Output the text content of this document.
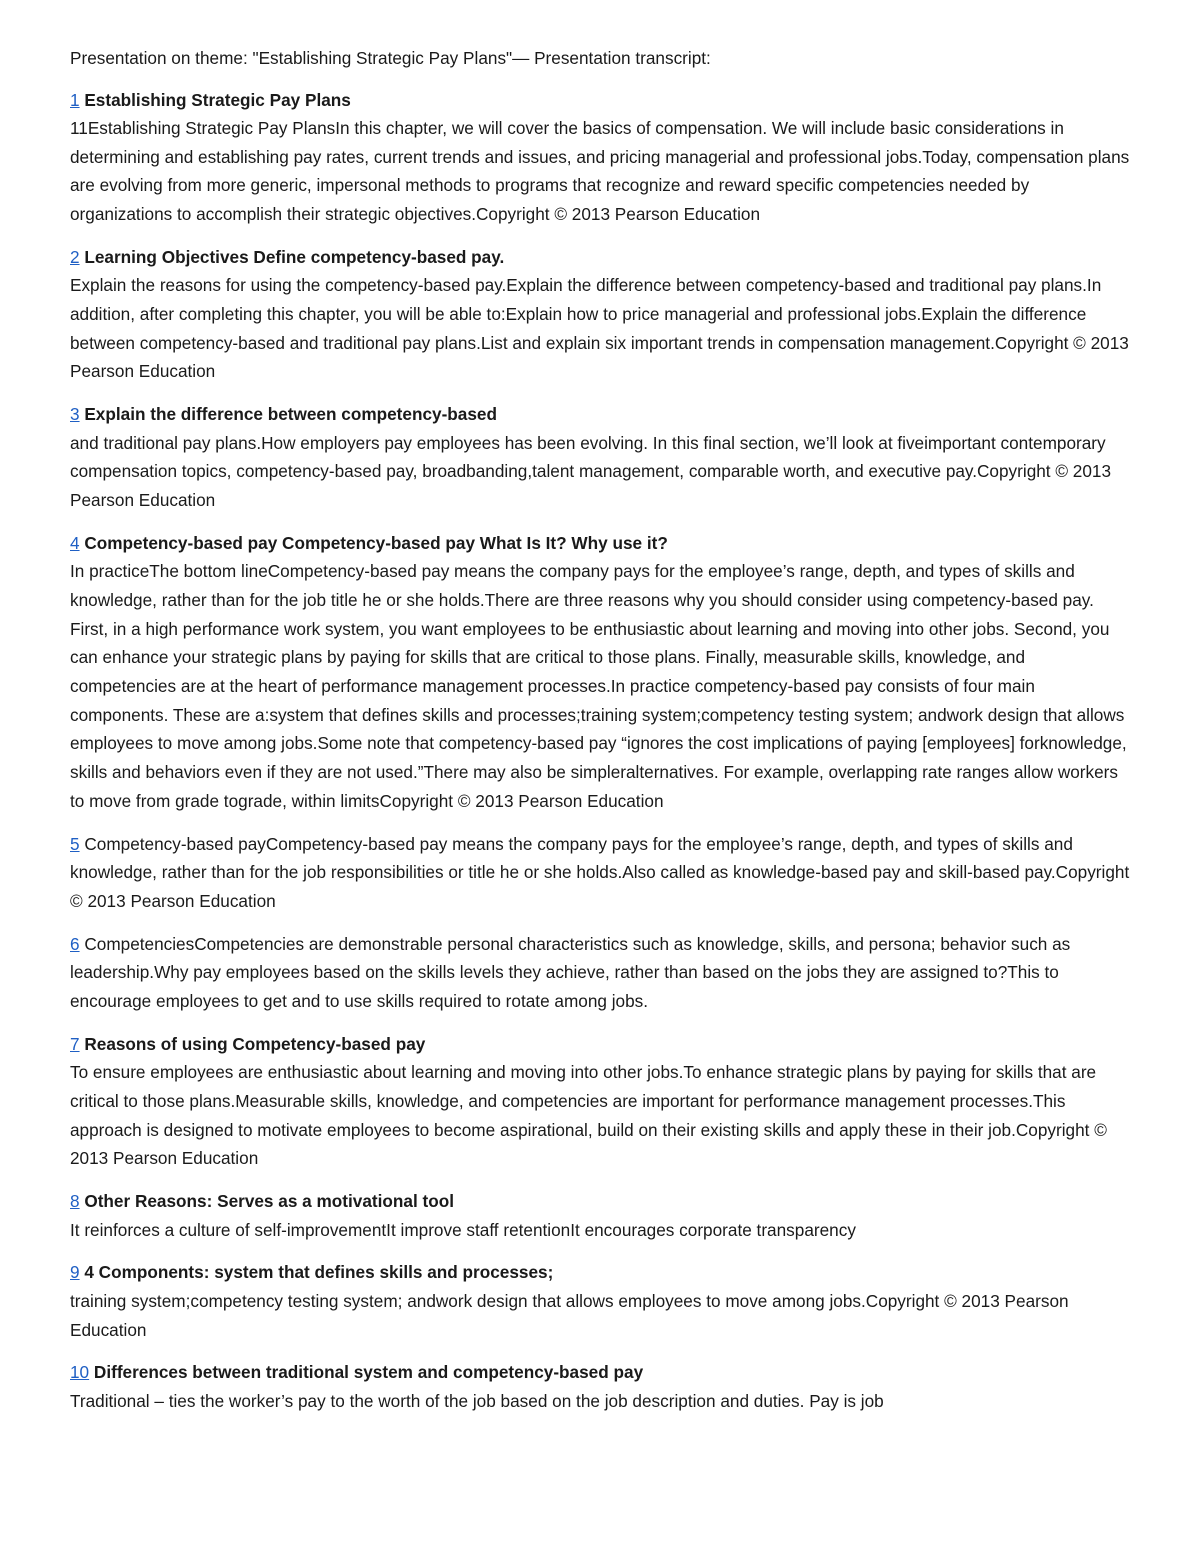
Presentation on theme: "Establishing Strategic Pay Plans"— Presentation transcript:

1 Establishing Strategic Pay Plans

11Establishing Strategic Pay PlansIn this chapter, we will cover the basics of compensation. We will include basic considerations in determining and establishing pay rates, current trends and issues, and pricing managerial and professional jobs.Today, compensation plans are evolving from more generic, impersonal methods to programs that recognize and reward specific competencies needed by organizations to accomplish their strategic objectives.Copyright © 2013 Pearson Education

2 Learning Objectives Define competency-based pay.

Explain the reasons for using the competency-based pay.Explain the difference between competency-based and traditional pay plans.In addition, after completing this chapter, you will be able to:Explain how to price managerial and professional jobs.Explain the difference between competency-based and traditional pay plans.List and explain six important trends in compensation management.Copyright © 2013 Pearson Education

3 Explain the difference between competency-based

and traditional pay plans.How employers pay employees has been evolving. In this final section, we’ll look at fiveimportant contemporary compensation topics, competency-based pay, broadbanding,talent management, comparable worth, and executive pay.Copyright © 2013 Pearson Education

4 Competency-based pay Competency-based pay What Is It? Why use it?

In practiceThe bottom lineCompetency-based pay means the company pays for the employee’s range, depth, and types of skills and knowledge, rather than for the job title he or she holds.There are three reasons why you should consider using competency-based pay. First, in a high performance work system, you want employees to be enthusiastic about learning and moving into other jobs. Second, you can enhance your strategic plans by paying for skills that are critical to those plans. Finally, measurable skills, knowledge, and competencies are at the heart of performance management processes.In practice competency-based pay consists of four main components. These are a:system that defines skills and processes;training system;competency testing system; andwork design that allows employees to move among jobs.Some note that competency-based pay “ignores the cost implications of paying [employees] forknowledge, skills and behaviors even if they are not used.”There may also be simpleralternatives. For example, overlapping rate ranges allow workers to move from grade tograde, within limitsCopyright © 2013 Pearson Education

5 Competency-based payCompetency-based pay means the company pays for the employee’s range, depth, and types of skills and knowledge, rather than for the job responsibilities or title he or she holds.Also called as knowledge-based pay and skill-based pay.Copyright © 2013 Pearson Education

6 CompetenciesCompetencies are demonstrable personal characteristics such as knowledge, skills, and persona; behavior such as leadership.Why pay employees based on the skills levels they achieve, rather than based on the jobs they are assigned to?This to encourage employees to get and to use skills required to rotate among jobs.

7 Reasons of using Competency-based pay

To ensure employees are enthusiastic about learning and moving into other jobs.To enhance strategic plans by paying for skills that are critical to those plans.Measurable skills, knowledge, and competencies are important for performance management processes.This approach is designed to motivate employees to become aspirational, build on their existing skills and apply these in their job.Copyright © 2013 Pearson Education

8 Other Reasons: Serves as a motivational tool

It reinforces a culture of self-improvementIt improve staff retentionIt encourages corporate transparency

9 4 Components: system that defines skills and processes;

training system;competency testing system; andwork design that allows employees to move among jobs.Copyright © 2013 Pearson Education

10 Differences between traditional system and competency-based pay

Traditional – ties the worker’s pay to the worth of the job based on the job description and duties. Pay is job
